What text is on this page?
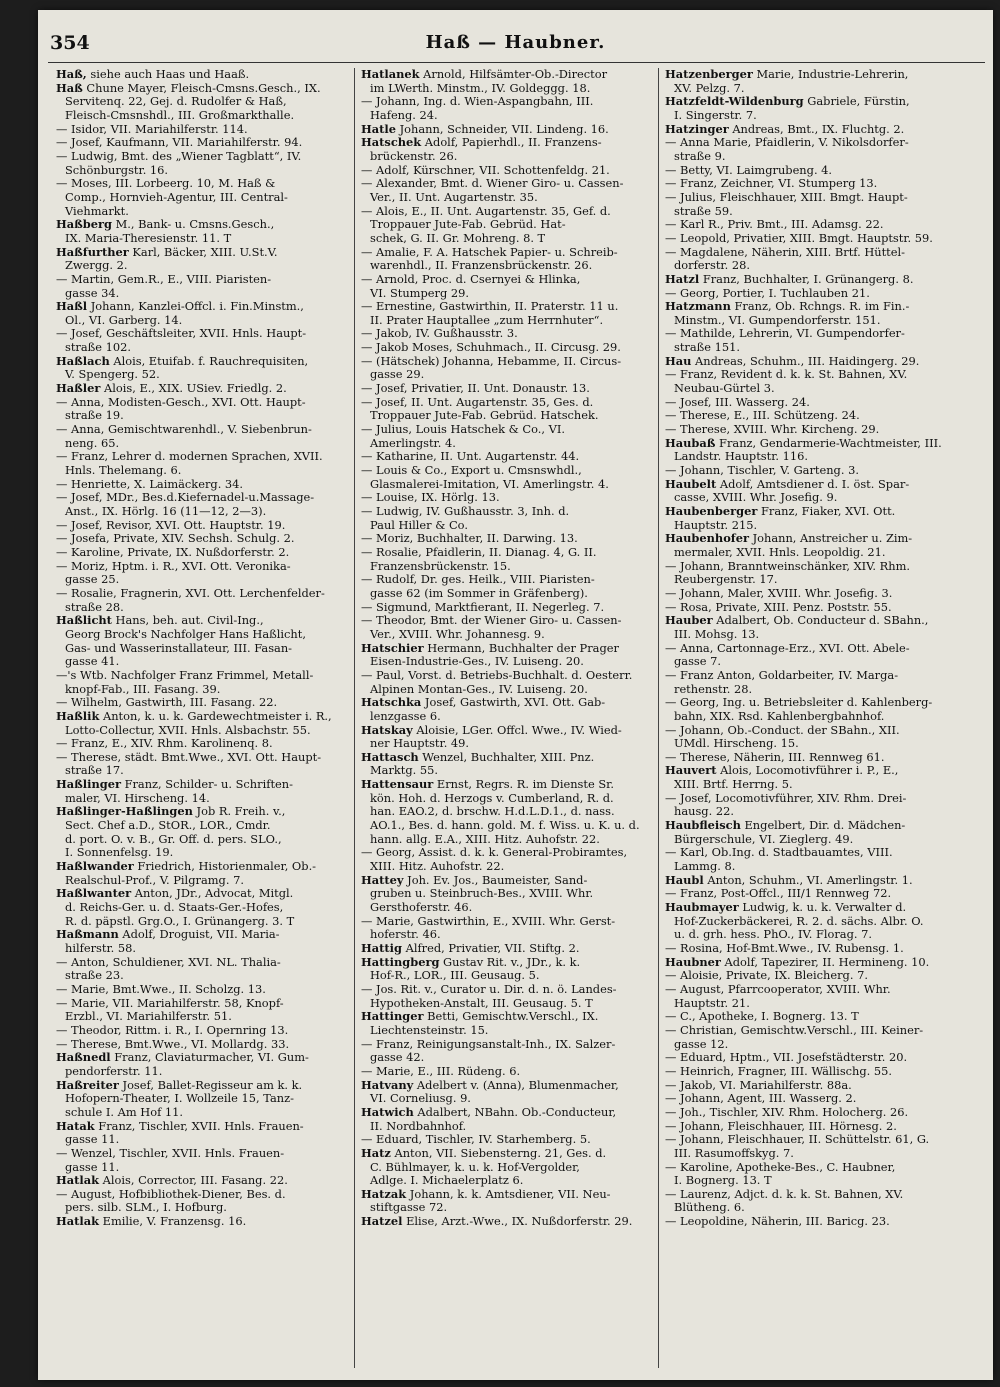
354	Haß — Haubner.
Haß, siehe auch Haas und Haaß.
Haß Chune Mayer, Fleisch-Cmsns.Gesch., IX.
Servitenq. 22, Gej. d. Rudolfer & Haß,
Fleisch-Cmsnshdl., III. Großmarkthalle.
— Isidor, VII. Mariahilferstr. 114.
— Josef, Kaufmann, VII. Mariahilferstr. 94.
— Ludwig, Bmt. des „Wiener Tagblatt“, IV.
Schönburgstr. 16.
— Moses, III. Lorbeerg. 10, M. Haß &
Comp., Hornvieh-Agentur, III. Central-
Viehmarkt.
Haßberg M., Bank- u. Cmsns.Gesch.,
IX. Maria-Theresienstr. 11. T
Haßfurther Karl, Bäcker, XIII. U.St.V.
Zwergg. 2.
— Martin, Gem.R., E., VIII. Piaristen-
gasse 34.
Haßl Johann, Kanzlei-Offcl. i. Fin.Minstm.,
Ol., VI. Garberg. 14.
— Josef, Geschäftsleiter, XVII. Hnls. Haupt-
straße 102.
Haßlach Alois, Etuifab. f. Rauchrequisiten,
V. Spengerg. 52.
Haßler Alois, E., XIX. USiev. Friedlg. 2.
— Anna, Modisten-Gesch., XVI. Ott. Haupt-
straße 19.
— Anna, Gemischtwarenhdl., V. Siebenbrun-
neng. 65.
— Franz, Lehrer d. modernen Sprachen, XVII.
Hnls. Thelemang. 6.
— Henriette, X. Laimäckerg. 34.
— Josef, MDr., Bes.d.Kiefernadel-u.Massage-
Anst., IX. Hörlg. 16 (11—12, 2—3).
— Josef, Revisor, XVI. Ott. Hauptstr. 19.
— Josefa, Private, XIV. Sechsh. Schulg. 2.
— Karoline, Private, IX. Nußdorferstr. 2.
— Moriz, Hptm. i. R., XVI. Ott. Veronika-
gasse 25.
— Rosalie, Fragnerin, XVI. Ott. Lerchenfelder-
straße 28.
Haßlicht Hans, beh. aut. Civil-Ing.,
Georg Brock's Nachfolger Hans Haßlicht,
Gas- und Wasserinstallateur, III. Fasan-
gasse 41.
—'s Wtb. Nachfolger Franz Frimmel, Metall-
knopf-Fab., III. Fasang. 39.
— Wilhelm, Gastwirth, III. Fasang. 22.
Haßlik Anton, k. u. k. Gardewechtmeister i. R.,
Lotto-Collectur, XVII. Hnls. Alsbachstr. 55.
— Franz, E., XIV. Rhm. Karolinenq. 8.
— Therese, städt. Bmt.Wwe., XVI. Ott. Haupt-
straße 17.
Haßlinger Franz, Schilder- u. Schriften-
maler, VI. Hirscheng. 14.
Haßlinger-Haßlingen Job R. Freih. v.,
Sect. Chef a.D., StOR., LOR., Cmdr.
d. port. O. v. B., Gr. Off. d. pers. SLO.,
I. Sonnenfelsg. 19.
Haßlwander Friedrich, Historienmaler, Ob.-
Realschul-Prof., V. Pilgramg. 7.
Haßlwanter Anton, JDr., Advocat, Mitgl.
d. Reichs-Ger. u. d. Staats-Ger.-Hofes,
R. d. päpstl. Grg.O., I. Grünangerg. 3. T
Haßmann Adolf, Droguist, VII. Maria-
hilferstr. 58.
— Anton, Schuldiener, XVI. NL. Thalia-
straße 23.
— Marie, Bmt.Wwe., II. Scholzg. 13.
— Marie, VII. Mariahilferstr. 58, Knopf-
Erzbl., VI. Mariahilferstr. 51.
— Theodor, Rittm. i. R., I. Opernring 13.
— Therese, Bmt.Wwe., VI. Mollardg. 33.
Haßnedl Franz, Claviaturmacher, VI. Gum-
pendorferstr. 11.
Haßreiter Josef, Ballet-Regisseur am k. k.
Hofopern-Theater, I. Wollzeile 15, Tanz-
schule I. Am Hof 11.
Hatak Franz, Tischler, XVII. Hnls. Frauen-
gasse 11.
— Wenzel, Tischler, XVII. Hnls. Frauen-
gasse 11.
Hatlak Alois, Corrector, III. Fasang. 22.
— August, Hofbibliothek-Diener, Bes. d.
pers. silb. SLM., I. Hofburg.
Hatlak Emilie, V. Franzensg. 16.
Hatlanek Arnold, Hilfsämter-Ob.-Director
im LWerth. Minstm., IV. Goldeggg. 18.
— Johann, Ing. d. Wien-Aspangbahn, III.
Hafeng. 24.
Hatle Johann, Schneider, VII. Lindeng. 16.
Hatschek Adolf, Papierhdl., II. Franzens-
brückenstr. 26.
— Adolf, Kürschner, VII. Schottenfeldg. 21.
— Alexander, Bmt. d. Wiener Giro- u. Cassen-
Ver., II. Unt. Augartenstr. 35.
— Alois, E., II. Unt. Augartenstr. 35, Gef. d.
Troppauer Jute-Fab. Gebrüd. Hat-
schek, G. II. Gr. Mohreng. 8. T
— Amalie, F. A. Hatschek Papier- u. Schreib-
warenhdl., II. Franzensbrückenstr. 26.
— Arnold, Proc. d. Csernyei & Hlinka,
VI. Stumperg 29.
— Ernestine, Gastwirthin, II. Praterstr. 11 u.
II. Prater Hauptallee „zum Herrnhuter“.
— Jakob, IV. Gußhausstr. 3.
— Jakob Moses, Schuhmach., II. Circusg. 29.
— (Hätschek) Johanna, Hebamme, II. Circus-
gasse 29.
— Josef, Privatier, II. Unt. Donaustr. 13.
— Josef, II. Unt. Augartenstr. 35, Ges. d.
Troppauer Jute-Fab. Gebrüd. Hatschek.
— Julius, Louis Hatschek & Co., VI.
Amerlingstr. 4.
— Katharine, II. Unt. Augartenstr. 44.
— Louis & Co., Export u. Cmsnswhdl.,
Glasmalerei-Imitation, VI. Amerlingstr. 4.
— Louise, IX. Hörlg. 13.
— Ludwig, IV. Gußhausstr. 3, Inh. d.
Paul Hiller & Co.
— Moriz, Buchhalter, II. Darwing. 13.
— Rosalie, Pfaidlerin, II. Dianag. 4, G. II.
Franzensbrückenstr. 15.
— Rudolf, Dr. ges. Heilk., VIII. Piaristen-
gasse 62 (im Sommer in Gräfenberg).
— Sigmund, Marktfierant, II. Negerleg. 7.
— Theodor, Bmt. der Wiener Giro- u. Cassen-
Ver., XVIII. Whr. Johannesg. 9.
Hatschier Hermann, Buchhalter der Prager
Eisen-Industrie-Ges., IV. Luiseng. 20.
— Paul, Vorst. d. Betriebs-Buchhalt. d. Oesterr.
Alpinen Montan-Ges., IV. Luiseng. 20.
Hatschka Josef, Gastwirth, XVI. Ott. Gab-
lenzgasse 6.
Hatskay Aloisie, LGer. Offcl. Wwe., IV. Wied-
ner Hauptstr. 49.
Hattasch Wenzel, Buchhalter, XIII. Pnz.
Marktg. 55.
Hattensaur Ernst, Regrs. R. im Dienste Sr.
kön. Hoh. d. Herzogs v. Cumberland, R. d.
han. EAO.2, d. brschw. H.d.L.D.1., d. nass.
AO.1., Bes. d. hann. gold. M. f. Wiss. u. K. u. d.
hann. allg. E.A., XIII. Hitz. Auhofstr. 22.
— Georg, Assist. d. k. k. General-Probiramtes,
XIII. Hitz. Auhofstr. 22.
Hattey Joh. Ev. Jos., Baumeister, Sand-
gruben u. Steinbruch-Bes., XVIII. Whr.
Gersthoferstr. 46.
— Marie, Gastwirthin, E., XVIII. Whr. Gerst-
hoferstr. 46.
Hattig Alfred, Privatier, VII. Stiftg. 2.
Hattingberg Gustav Rit. v., JDr., k. k.
Hof-R., LOR., III. Geusaug. 5.
— Jos. Rit. v., Curator u. Dir. d. n. ö. Landes-
Hypotheken-Anstalt, III. Geusaug. 5. T
Hattinger Betti, Gemischtw.Verschl., IX.
Liechtensteinstr. 15.
— Franz, Reinigungsanstalt-Inh., IX. Salzer-
gasse 42.
— Marie, E., III. Rüdeng. 6.
Hatvany Adelbert v. (Anna), Blumenmacher,
VI. Corneliusg. 9.
Hatwich Adalbert, NBahn. Ob.-Conducteur,
II. Nordbahnhof.
— Eduard, Tischler, IV. Starhemberg. 5.
Hatz Anton, VII. Siebensterng. 21, Ges. d.
C. Bühlmayer, k. u. k. Hof-Vergolder,
Adlge. I. Michaelerplatz 6.
Hatzak Johann, k. k. Amtsdiener, VII. Neu-
stiftgasse 72.
Hatzel Elise, Arzt.-Wwe., IX. Nußdorferstr. 29.
Hatzenberger Marie, Industrie-Lehrerin,
XV. Pelzg. 7.
Hatzfeldt-Wildenburg Gabriele, Fürstin,
I. Singerstr. 7.
Hatzinger Andreas, Bmt., IX. Fluchtg. 2.
— Anna Marie, Pfaidlerin, V. Nikolsdorfer-
straße 9.
— Betty, VI. Laimgrubeng. 4.
— Franz, Zeichner, VI. Stumperg 13.
— Julius, Fleischhauer, XIII. Bmgt. Haupt-
straße 59.
— Karl R., Priv. Bmt., III. Adamsg. 22.
— Leopold, Privatier, XIII. Bmgt. Hauptstr. 59.
— Magdalene, Näherin, XIII. Brtf. Hüttel-
dorferstr. 28.
Hatzl Franz, Buchhalter, I. Grünangerg. 8.
— Georg, Portier, I. Tuchlauben 21.
Hatzmann Franz, Ob. Rchngs. R. im Fin.-
Minstm., VI. Gumpendorferstr. 151.
— Mathilde, Lehrerin, VI. Gumpendorfer-
straße 151.
Hau Andreas, Schuhm., III. Haidingerg. 29.
— Franz, Revident d. k. k. St. Bahnen, XV.
Neubau-Gürtel 3.
— Josef, III. Wasserg. 24.
— Therese, E., III. Schützeng. 24.
— Therese, XVIII. Whr. Kircheng. 29.
Haubaß Franz, Gendarmerie-Wachtmeister, III.
Landstr. Hauptstr. 116.
— Johann, Tischler, V. Garteng. 3.
Haubelt Adolf, Amtsdiener d. I. öst. Spar-
casse, XVIII. Whr. Josefig. 9.
Haubenberger Franz, Fiaker, XVI. Ott.
Hauptstr. 215.
Haubenhofer Johann, Anstreicher u. Zim-
mermaler, XVII. Hnls. Leopoldig. 21.
— Johann, Branntweinschänker, XIV. Rhm.
Reubergenstr. 17.
— Johann, Maler, XVIII. Whr. Josefig. 3.
— Rosa, Private, XIII. Penz. Poststr. 55.
Hauber Adalbert, Ob. Conducteur d. SBahn.,
III. Mohsg. 13.
— Anna, Cartonnage-Erz., XVI. Ott. Abele-
gasse 7.
— Franz Anton, Goldarbeiter, IV. Marga-
rethenstr. 28.
— Georg, Ing. u. Betriebsleiter d. Kahlenberg-
bahn, XIX. Rsd. Kahlenbergbahnhof.
— Johann, Ob.-Conduct. der SBahn., XII.
UMdl. Hirscheng. 15.
— Therese, Näherin, III. Rennweg 61.
Hauvert Alois, Locomotivführer i. P., E.,
XIII. Brtf. Herrng. 5.
— Josef, Locomotivführer, XIV. Rhm. Drei-
hausg. 22.
Haubfleisch Engelbert, Dir. d. Mädchen-
Bürgerschule, VI. Zieglerg. 49.
— Karl, Ob.Ing. d. Stadtbauamtes, VIII.
Lammg. 8.
Haubl Anton, Schuhm., VI. Amerlingstr. 1.
— Franz, Post-Offcl., III/1 Rennweg 72.
Haubmayer Ludwig, k. u. k. Verwalter d.
Hof-Zuckerbäckerei, R. 2. d. sächs. Albr. O.
u. d. grh. hess. PhO., IV. Florag. 7.
— Rosina, Hof-Bmt.Wwe., IV. Rubensg. 1.
Haubner Adolf, Tapezirer, II. Hermineng. 10.
— Aloisie, Private, IX. Bleicherg. 7.
— August, Pfarrcooperator, XVIII. Whr.
Hauptstr. 21.
— C., Apotheke, I. Bognerg. 13. T
— Christian, Gemischtw.Verschl., III. Keiner-
gasse 12.
— Eduard, Hptm., VII. Josefstädterstr. 20.
— Heinrich, Fragner, III. Wällischg. 55.
— Jakob, VI. Mariahilferstr. 88a.
— Johann, Agent, III. Wasserg. 2.
— Joh., Tischler, XIV. Rhm. Holocherg. 26.
— Johann, Fleischhauer, III. Hörnesg. 2.
— Johann, Fleischhauer, II. Schüttelstr. 61, G.
III. Rasumoffskyg. 7.
— Karoline, Apotheke-Bes., C. Haubner,
I. Bognerg. 13. T
— Laurenz, Adjct. d. k. k. St. Bahnen, XV.
Blütheng. 6.
— Leopoldine, Näherin, III. Baricg. 23.
